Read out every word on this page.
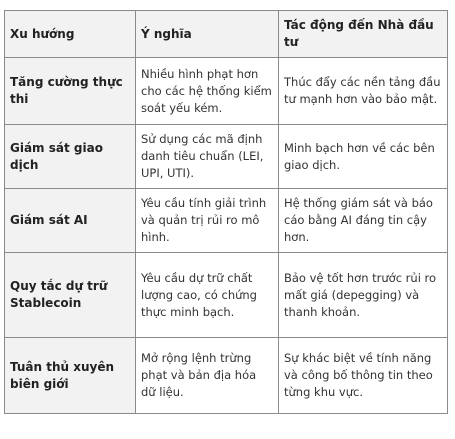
Xu hướng	Ý nghĩa	Tác động đến Nhà đầu tư
Tăng cường thực thi	Nhiều hình phạt hơn cho các hệ thống kiểm soát yếu kém.	Thúc đẩy các nền tảng đầu tư mạnh hơn vào bảo mật.
Giám sát giao dịch	Sử dụng các mã định danh tiêu chuẩn (LEI, UPI, UTI).	Minh bạch hơn về các bên giao dịch.
Giám sát AI	Yêu cầu tính giải trình và quản trị rủi ro mô hình.	Hệ thống giám sát và báo cáo bằng AI đáng tin cậy hơn.
Quy tắc dự trữ Stablecoin	Yêu cầu dự trữ chất lượng cao, có chứng thực minh bạch.	Bảo vệ tốt hơn trước rủi ro mất giá (depegging) và thanh khoản.
Tuân thủ xuyên biên giới	Mở rộng lệnh trừng phạt và bản địa hóa dữ liệu.	Sự khác biệt về tính năng và công bố thông tin theo từng khu vực.
